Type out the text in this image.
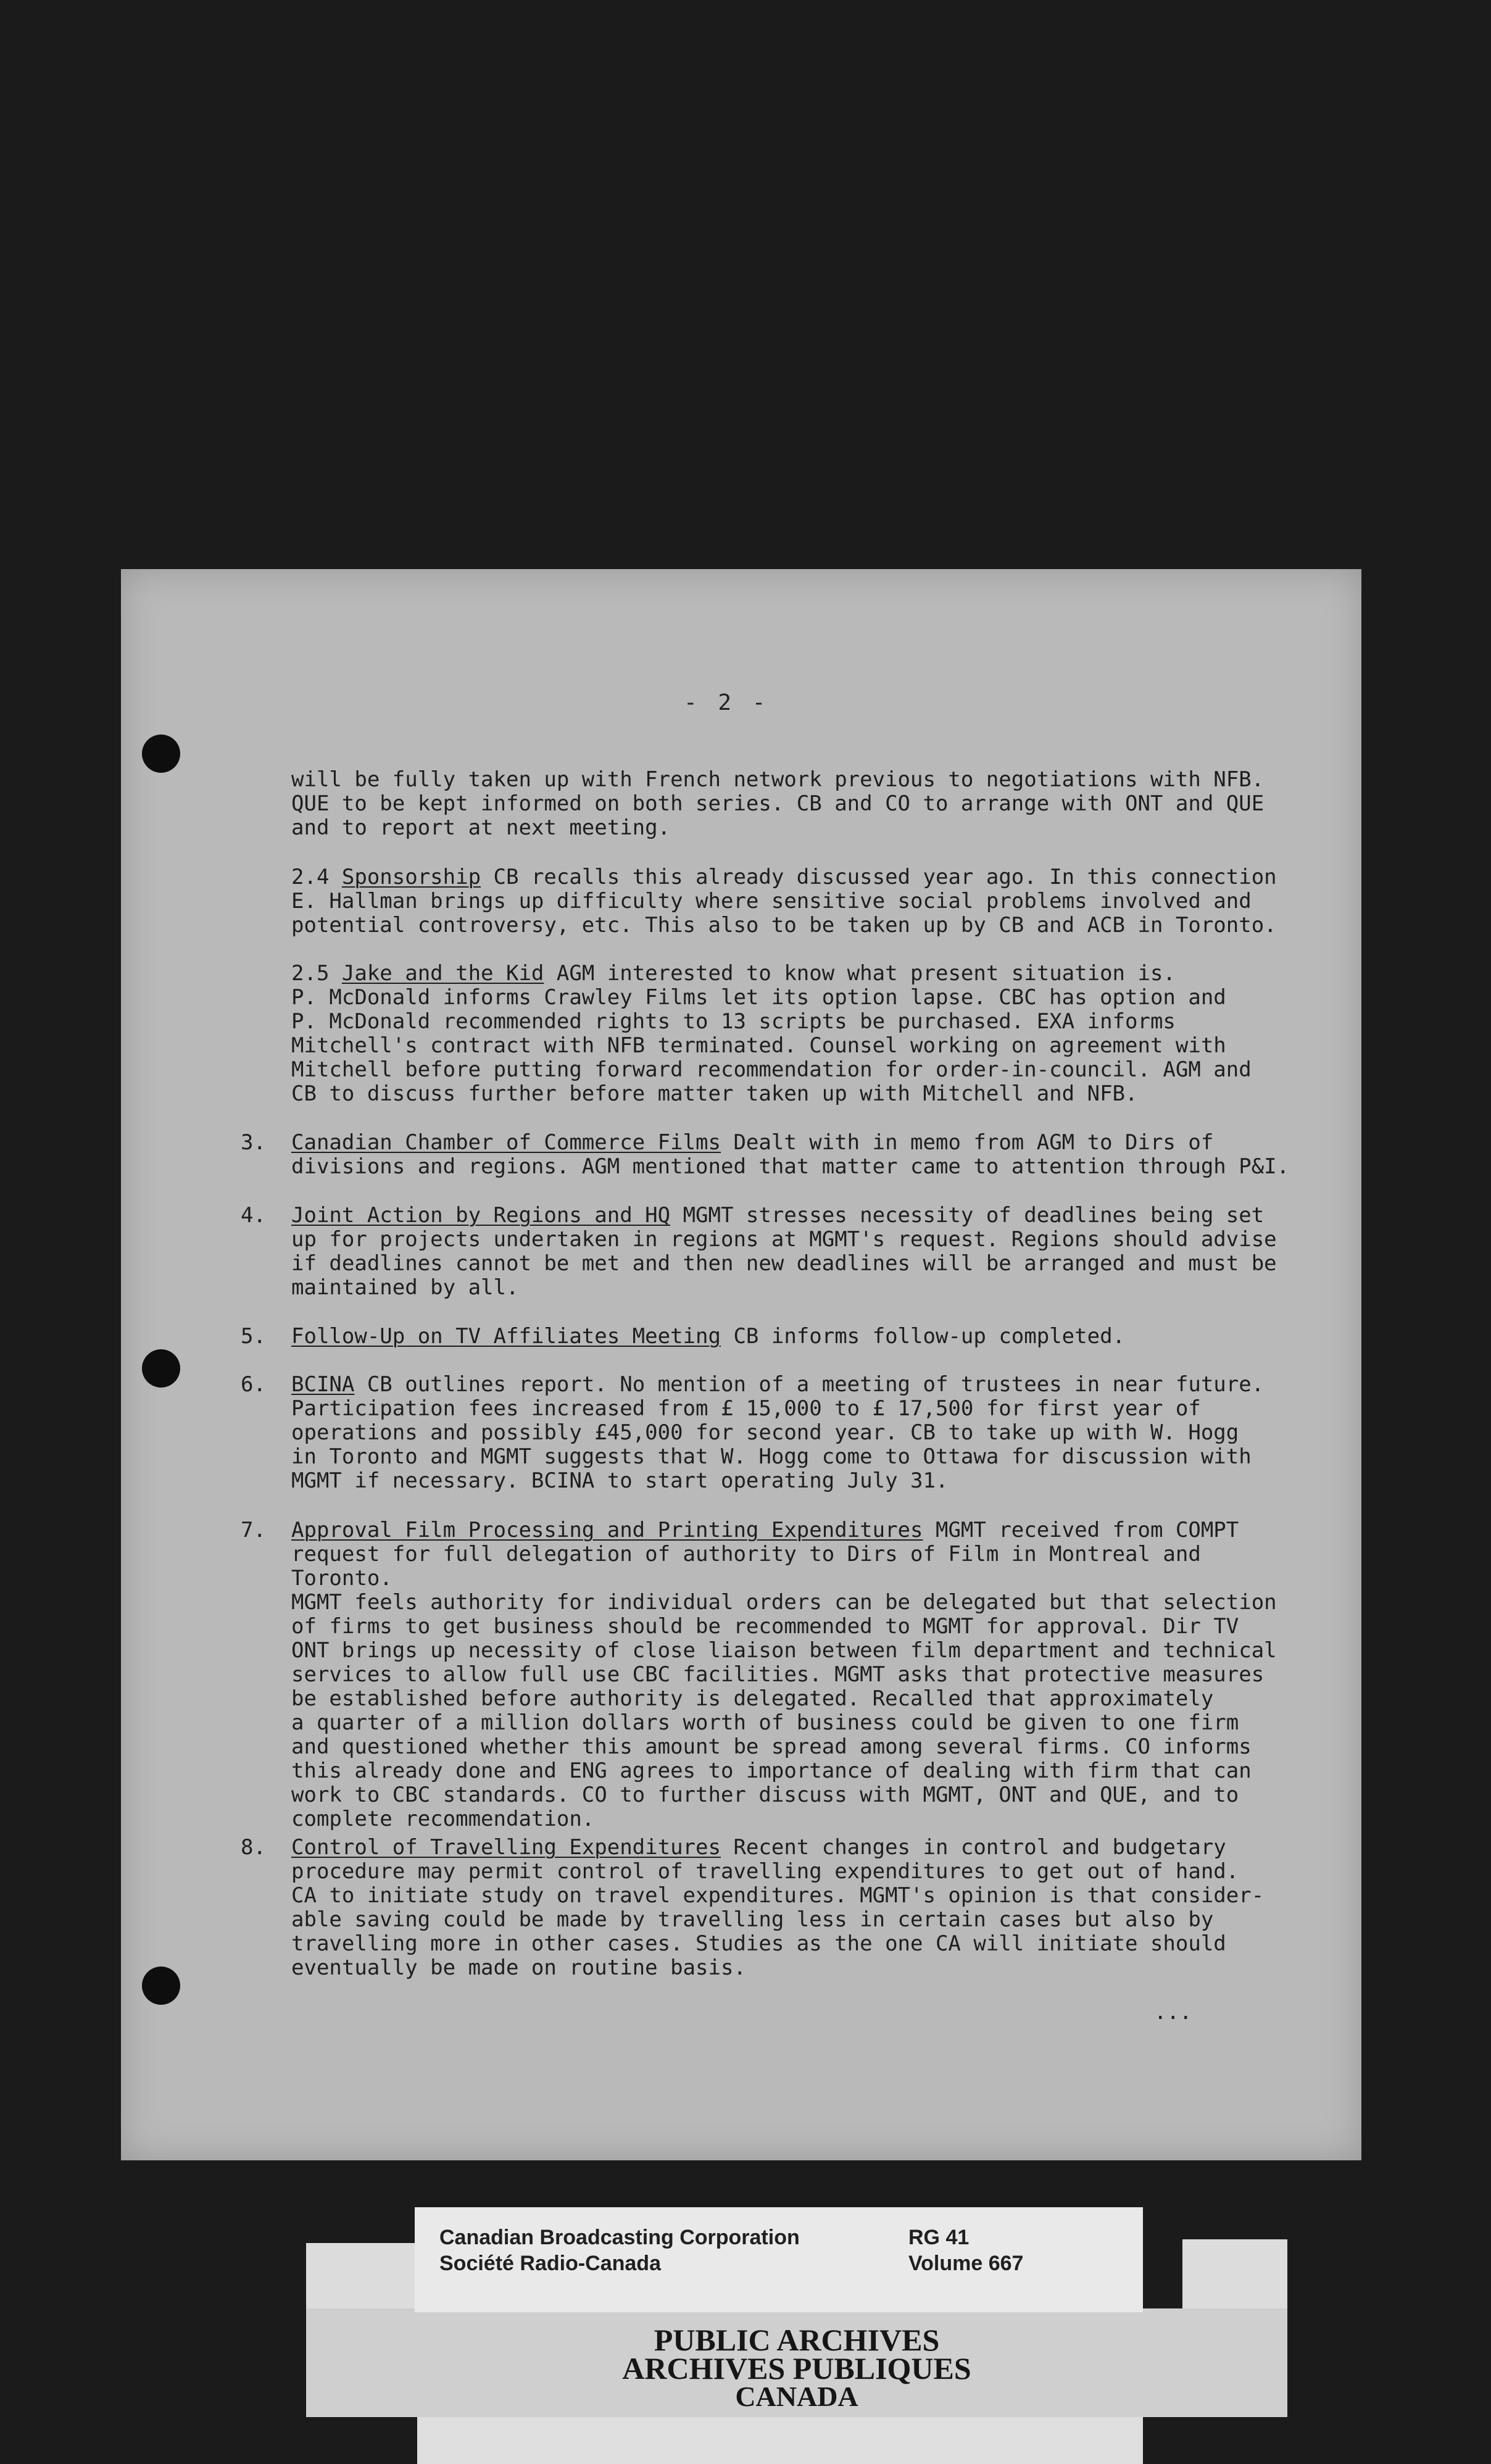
- 2 -

will be fully taken up with French network previous to negotiations with NFB.

QUE to be kept informed on both series. CB and CO to arrange with ONT and QUE

and to report at next meeting.

2.4 Sponsorship CB recalls this already discussed year ago. In this connection

E. Hallman brings up difficulty where sensitive social problems involved and

potential controversy, etc. This also to be taken up by CB and ACB in Toronto.

2.5 Jake and the Kid AGM interested to know what present situation is.

P. McDonald informs Crawley Films let its option lapse. CBC has option and

P. McDonald recommended rights to 13 scripts be purchased. EXA informs

Mitchell's contract with NFB terminated. Counsel working on agreement with

Mitchell before putting forward recommendation for order-in-council. AGM and

CB to discuss further before matter taken up with Mitchell and NFB.

3. Canadian Chamber of Commerce Films Dealt with in memo from AGM to Dirs of

divisions and regions. AGM mentioned that matter came to attention through P&I.

4. Joint Action by Regions and HQ MGMT stresses necessity of deadlines being set

up for projects undertaken in regions at MGMT's request. Regions should advise

if deadlines cannot be met and then new deadlines will be arranged and must be

maintained by all.

5. Follow-Up on TV Affiliates Meeting CB informs follow-up completed.

6. BCINA CB outlines report. No mention of a meeting of trustees in near future.

Participation fees increased from £ 15,000 to £ 17,500 for first year of

operations and possibly £45,000 for second year. CB to take up with W. Hogg

in Toronto and MGMT suggests that W. Hogg come to Ottawa for discussion with

MGMT if necessary. BCINA to start operating July 31.

7. Approval Film Processing and Printing Expenditures MGMT received from COMPT

request for full delegation of authority to Dirs of Film in Montreal and Toronto.

MGMT feels authority for individual orders can be delegated but that selection

of firms to get business should be recommended to MGMT for approval. Dir TV

ONT brings up necessity of close liaison between film department and technical

services to allow full use CBC facilities. MGMT asks that protective measures

be established before authority is delegated. Recalled that approximately

a quarter of a million dollars worth of business could be given to one firm

and questioned whether this amount be spread among several firms. CO informs

this already done and ENG agrees to importance of dealing with firm that can

work to CBC standards. CO to further discuss with MGMT, ONT and QUE, and to

complete recommendation.

8. Control of Travelling Expenditures Recent changes in control and budgetary

procedure may permit control of travelling expenditures to get out of hand.

CA to initiate study on travel expenditures. MGMT's opinion is that consider-

able saving could be made by travelling less in certain cases but also by

travelling more in other cases. Studies as the one CA will initiate should

eventually be made on routine basis.

...
PUBLIC ARCHIVES
ARCHIVES PUBLIQUES
CANADA
Canadian Broadcasting Corporation
Société Radio-Canada
RG 41
Volume 667
